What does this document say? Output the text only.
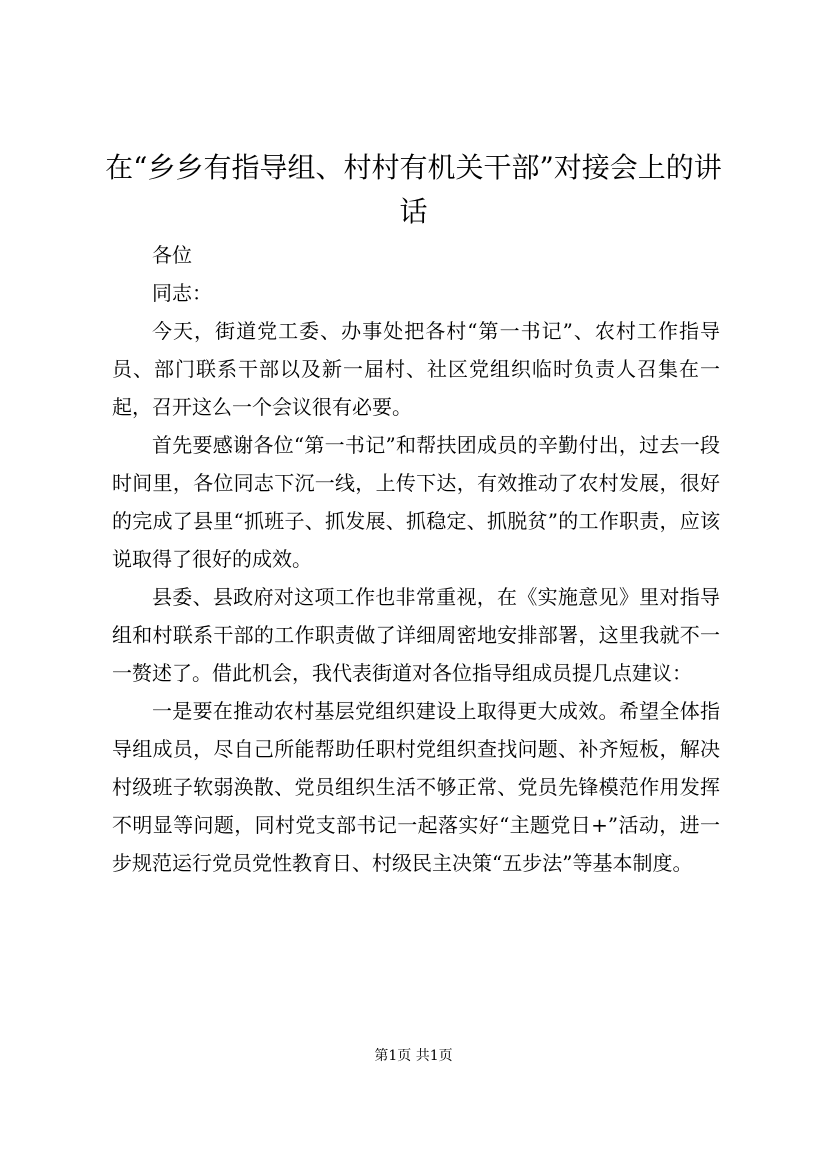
在“乡乡有指导组、村村有机关干部”对接会上的讲话

各位

同志：

今天，街道党工委、办事处把各村“第一书记”、农村工作指导员、部门联系干部以及新一届村、社区党组织临时负责人召集在一起，召开这么一个会议很有必要。

首先要感谢各位“第一书记”和帮扶团成员的辛勤付出，过去一段时间里，各位同志下沉一线，上传下达，有效推动了农村发展，很好的完成了县里“抓班子、抓发展、抓稳定、抓脱贫”的工作职责，应该说取得了很好的成效。

县委、县政府对这项工作也非常重视，在《实施意见》里对指导组和村联系干部的工作职责做了详细周密地安排部署，这里我就不一一赘述了。借此机会，我代表街道对各位指导组成员提几点建议：

一是要在推动农村基层党组织建设上取得更大成效。希望全体指导组成员，尽自己所能帮助任职村党组织查找问题、补齐短板，解决村级班子软弱涣散、党员组织生活不够正常、党员先锋模范作用发挥不明显等问题，同村党支部书记一起落实好“主题党日+”活动，进一步规范运行党员党性教育日、村级民主决策“五步法”等基本制度。

第1页 共1页
